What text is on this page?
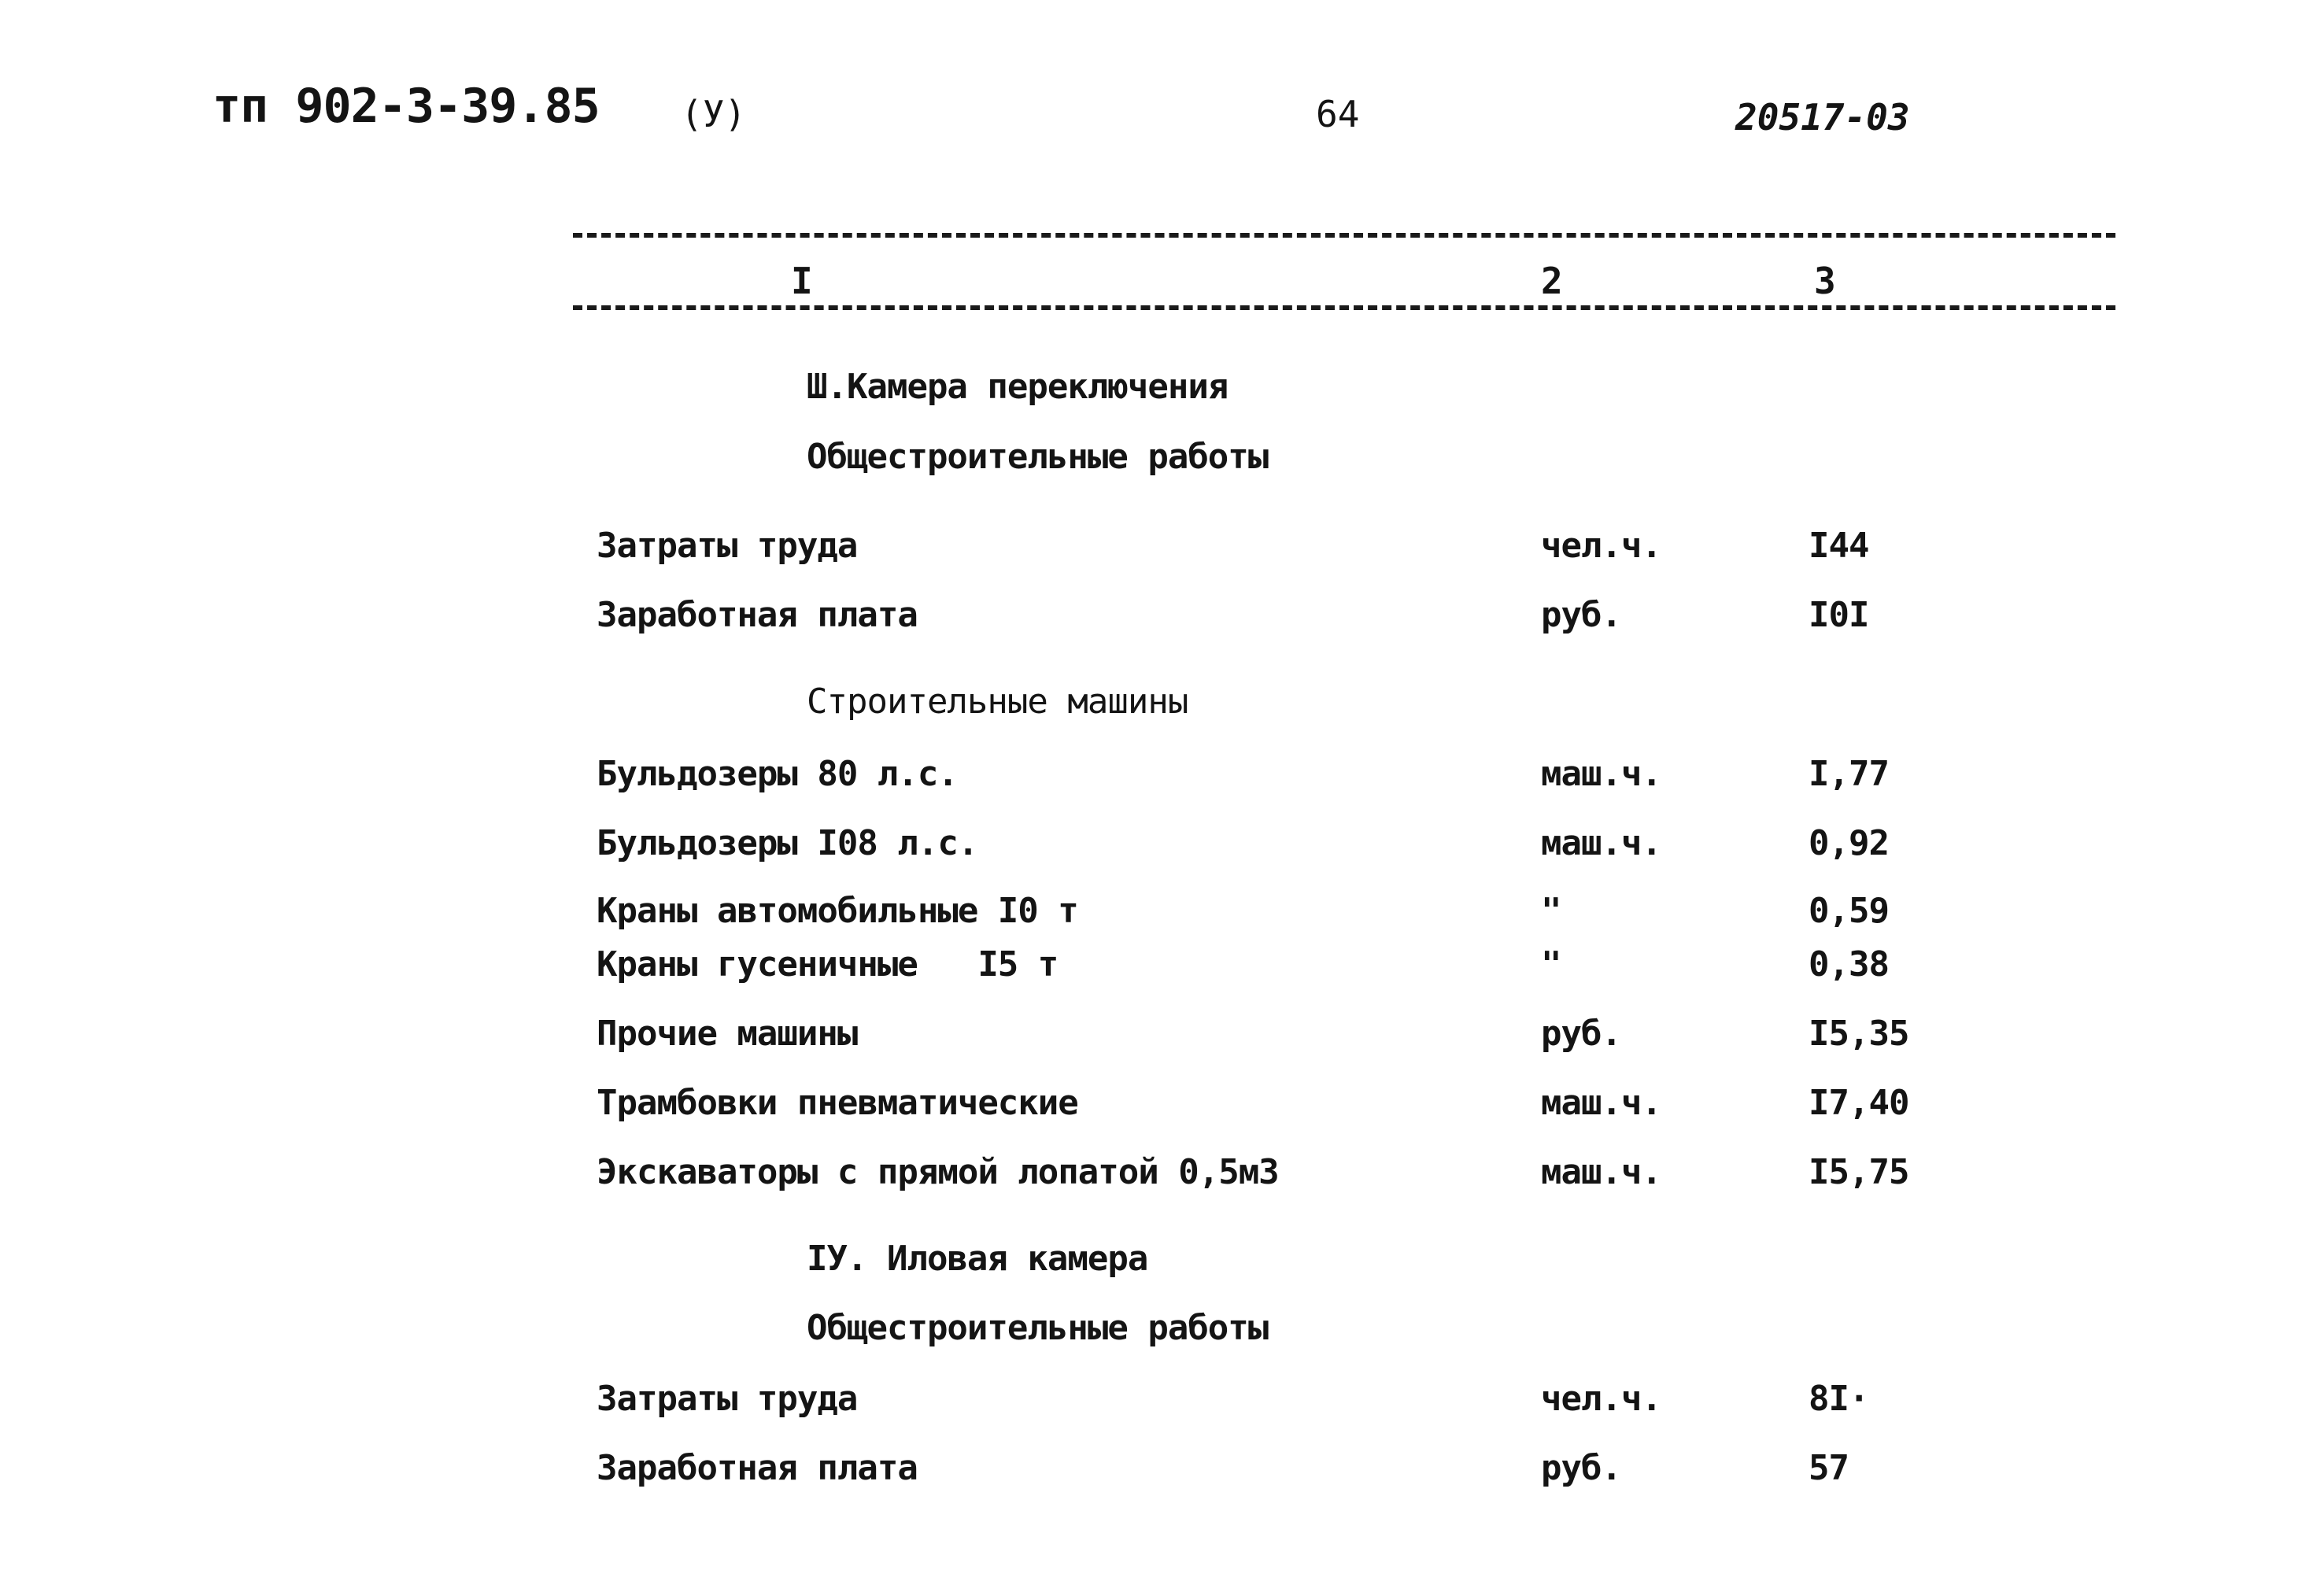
тп 902-3-39.85 (У)	64	20517-03
I	2	3
Ш.Камера переключения
Общестроительные работы
Затраты труда	чел.ч.	I44
Заработная плата	руб.	I0I
Строительные машины
Бульдозеры 80 л.с.	маш.ч.	I,77
Бульдозеры I08 л.с.	маш.ч.	0,92
Краны автомобильные I0 т	"	0,59
Краны гусеничные   I5 т	"	0,38
Прочие машины	руб.	I5,35
Трамбовки пневматические	маш.ч.	I7,40
Экскаваторы с прямой лопатой 0,5м3	маш.ч.	I5,75
IУ. Иловая камера
Общестроительные работы
Затраты труда	чел.ч.	8I·
Заработная плата	руб.	57
